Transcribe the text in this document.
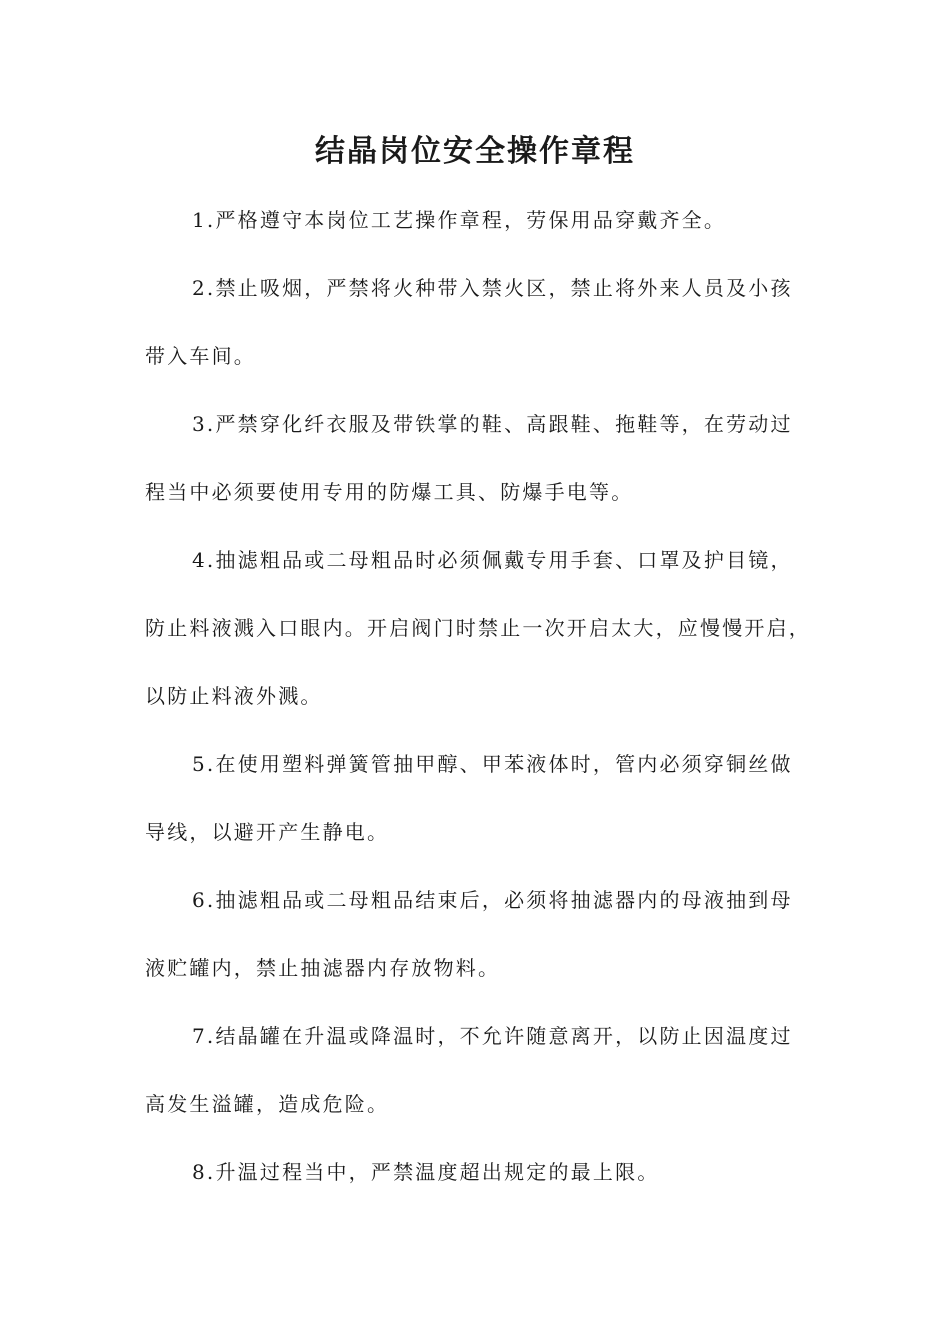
结晶岗位安全操作章程

1.严格遵守本岗位工艺操作章程，劳保用品穿戴齐全。

2.禁止吸烟，严禁将火种带入禁火区，禁止将外来人员及小孩
带入车间。

3.严禁穿化纤衣服及带铁掌的鞋、高跟鞋、拖鞋等，在劳动过
程当中必须要使用专用的防爆工具、防爆手电等。

4.抽滤粗品或二母粗品时必须佩戴专用手套、口罩及护目镜，
防止料液溅入口眼内。开启阀门时禁止一次开启太大，应慢慢开启，
以防止料液外溅。

5.在使用塑料弹簧管抽甲醇、甲苯液体时，管内必须穿铜丝做
导线，以避开产生静电。

6.抽滤粗品或二母粗品结束后，必须将抽滤器内的母液抽到母
液贮罐内，禁止抽滤器内存放物料。

7.结晶罐在升温或降温时，不允许随意离开，以防止因温度过
高发生溢罐，造成危险。

8.升温过程当中，严禁温度超出规定的最上限。
